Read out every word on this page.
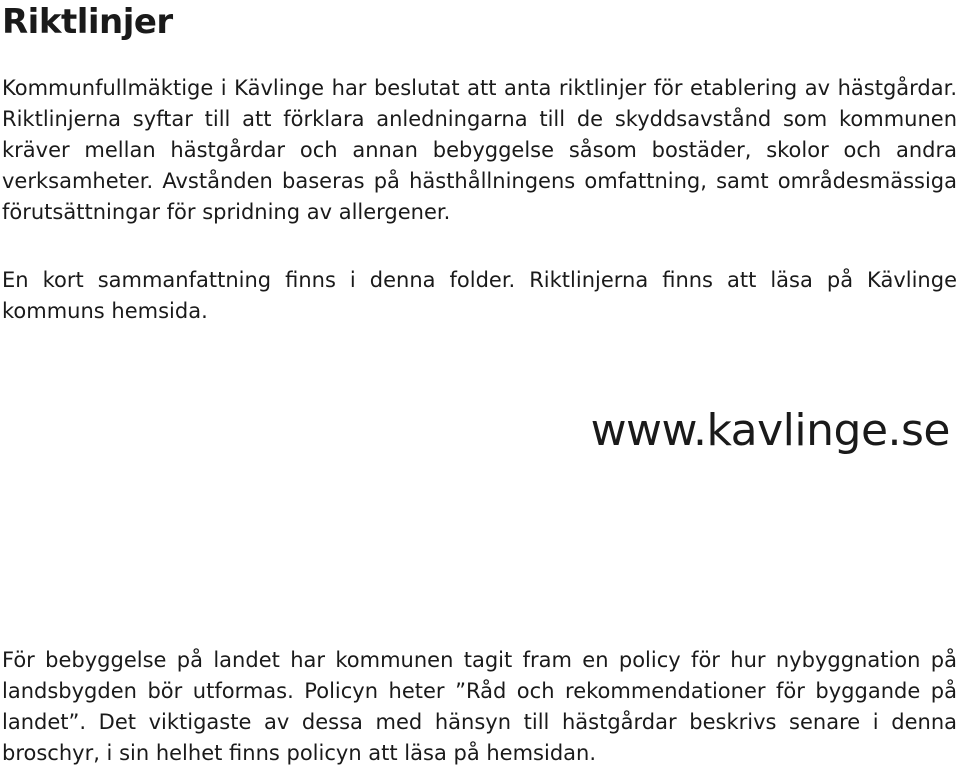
Riktlinjer

Kommunfullmäktige i Kävlinge har beslutat att anta riktlinjer för etablering av hästgårdar. Riktlinjerna syftar till att förklara anledningarna till de skyddsavstånd som kommunen kräver mellan hästgårdar och annan bebyggelse såsom bostäder, skolor och andra verksamheter. Avstånden baseras på hästhållningens omfattning, samt områdesmässiga förutsättningar för spridning av allergener.

En kort sammanfattning finns i denna folder. Riktlinjerna finns att läsa på Kävlinge kommuns hemsida.

www.kavlinge.se

För bebyggelse på landet har kommunen tagit fram en policy för hur nybyggnation på landsbygden bör utformas. Policyn heter ”Råd och rekommendationer för byggande på landet”. Det viktigaste av dessa med hänsyn till hästgårdar beskrivs senare i denna broschyr, i sin helhet finns policyn att läsa på hemsidan.
